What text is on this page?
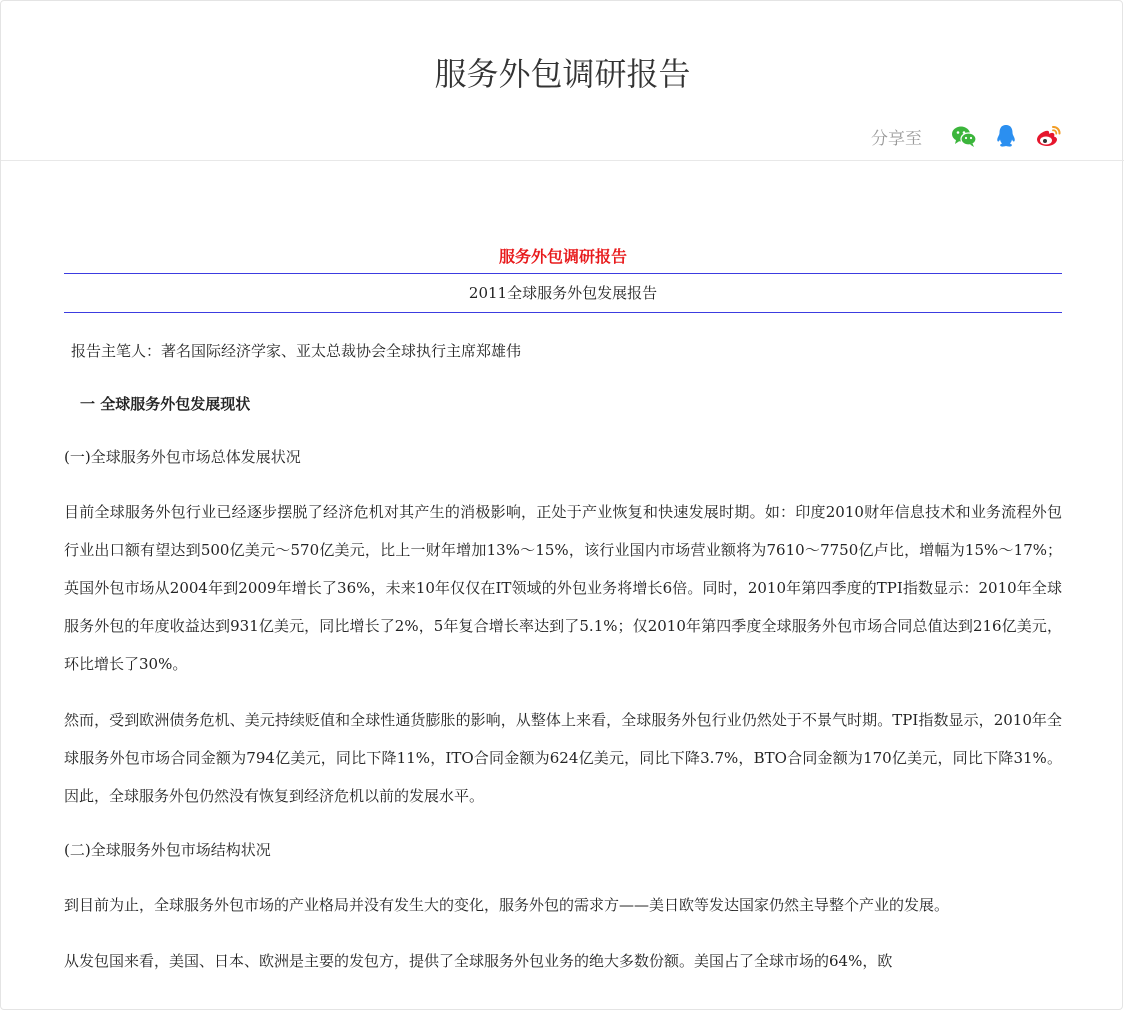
服务外包调研报告
分享至
服务外包调研报告
2011全球服务外包发展报告
报告主笔人：著名国际经济学家、亚太总裁协会全球执行主席郑雄伟
一 全球服务外包发展现状
(一)全球服务外包市场总体发展状况
目前全球服务外包行业已经逐步摆脱了经济危机对其产生的消极影响，正处于产业恢复和快速发展时期。如：印度2010财年信息技术和业务流程外包行业出口额有望达到500亿美元～570亿美元，比上一财年增加13%～15%，该行业国内市场营业额将为7610～7750亿卢比，增幅为15%～17%；英国外包市场从2004年到2009年增长了36%，未来10年仅仅在IT领域的外包业务将增长6倍。同时，2010年第四季度的TPI指数显示：2010年全球服务外包的年度收益达到931亿美元，同比增长了2%，5年复合增长率达到了5.1%；仅2010年第四季度全球服务外包市场合同总值达到216亿美元，环比增长了30%。
然而，受到欧洲债务危机、美元持续贬值和全球性通货膨胀的影响，从整体上来看，全球服务外包行业仍然处于不景气时期。TPI指数显示，2010年全球服务外包市场合同金额为794亿美元，同比下降11%，ITO合同金额为624亿美元，同比下降3.7%，BTO合同金额为170亿美元，同比下降31%。因此，全球服务外包仍然没有恢复到经济危机以前的发展水平。
(二)全球服务外包市场结构状况
到目前为止，全球服务外包市场的产业格局并没有发生大的变化，服务外包的需求方——美日欧等发达国家仍然主导整个产业的发展。
从发包国来看，美国、日本、欧洲是主要的发包方，提供了全球服务外包业务的绝大多数份额。美国占了全球市场的64%，欧
